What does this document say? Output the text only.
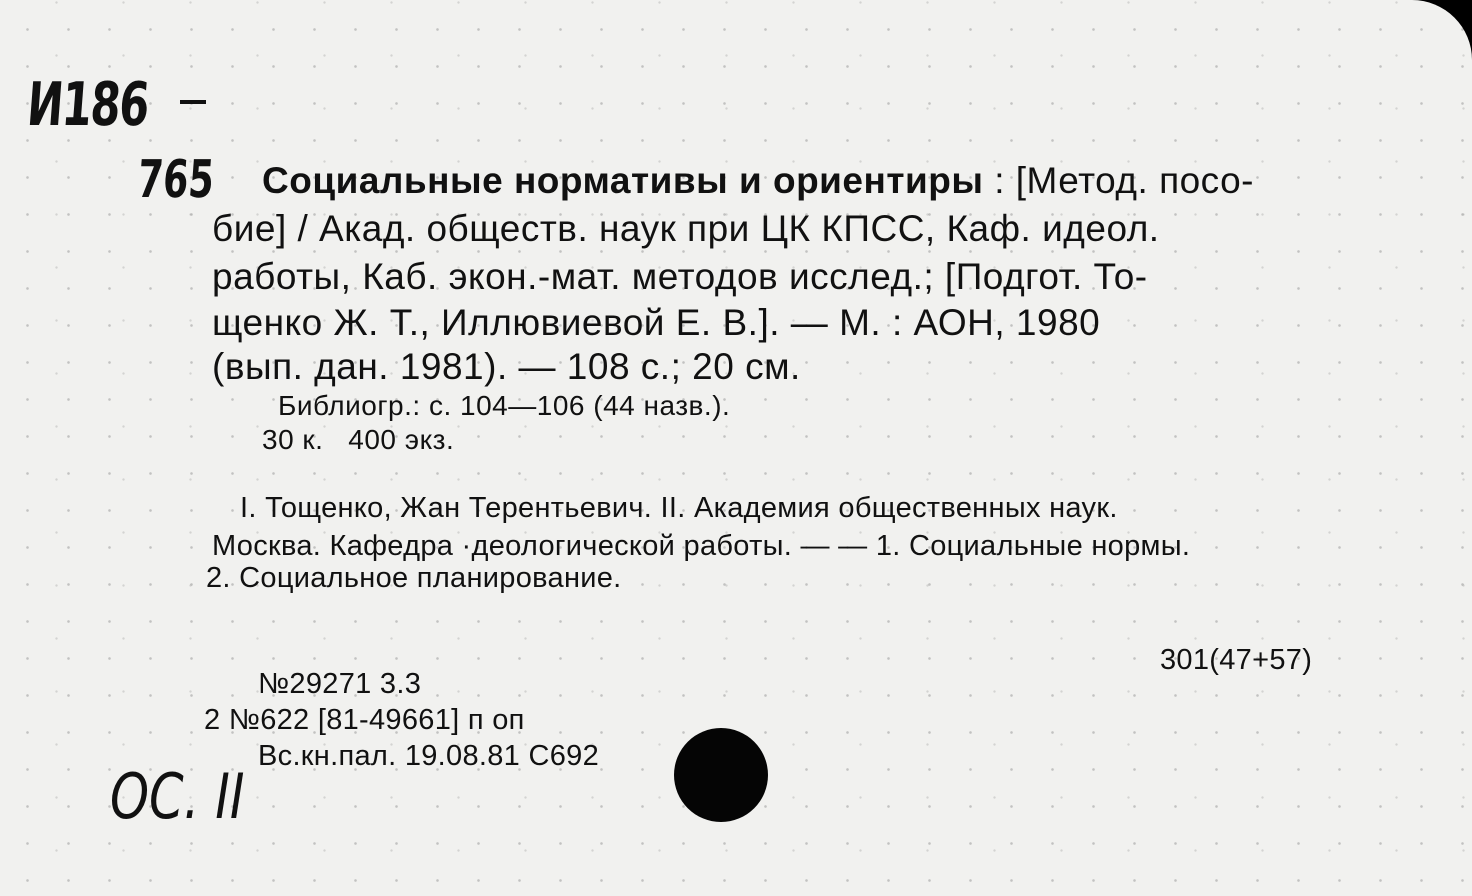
И186
765 Социальные нормативы и ориентиры : [Метод. посо-
бие] / Акад. обществ. наук при ЦК КПСС, Каф. идеол.
работы, Каб. экон.-мат. методов исслед.; [Подгот. То-
щенко Ж. Т., Иллювиевой Е. В.]. — М. : АОН, 1980
(вып. дан. 1981). — 108 с.; 20 см.
Библиогр.: с. 104—106 (44 назв.).
30 к.   400 экз.
I. Тощенко, Жан Терентьевич. II. Академия общественных наук.
Москва. Кафедра ·деологической работы. — — 1. Социальные нормы.
2. Социальное планирование.
301(47+57)
№29271 3.3
2 №622 [81-49661] п оп
Вс.кн.пал. 19.08.81 С692
ОС. II
